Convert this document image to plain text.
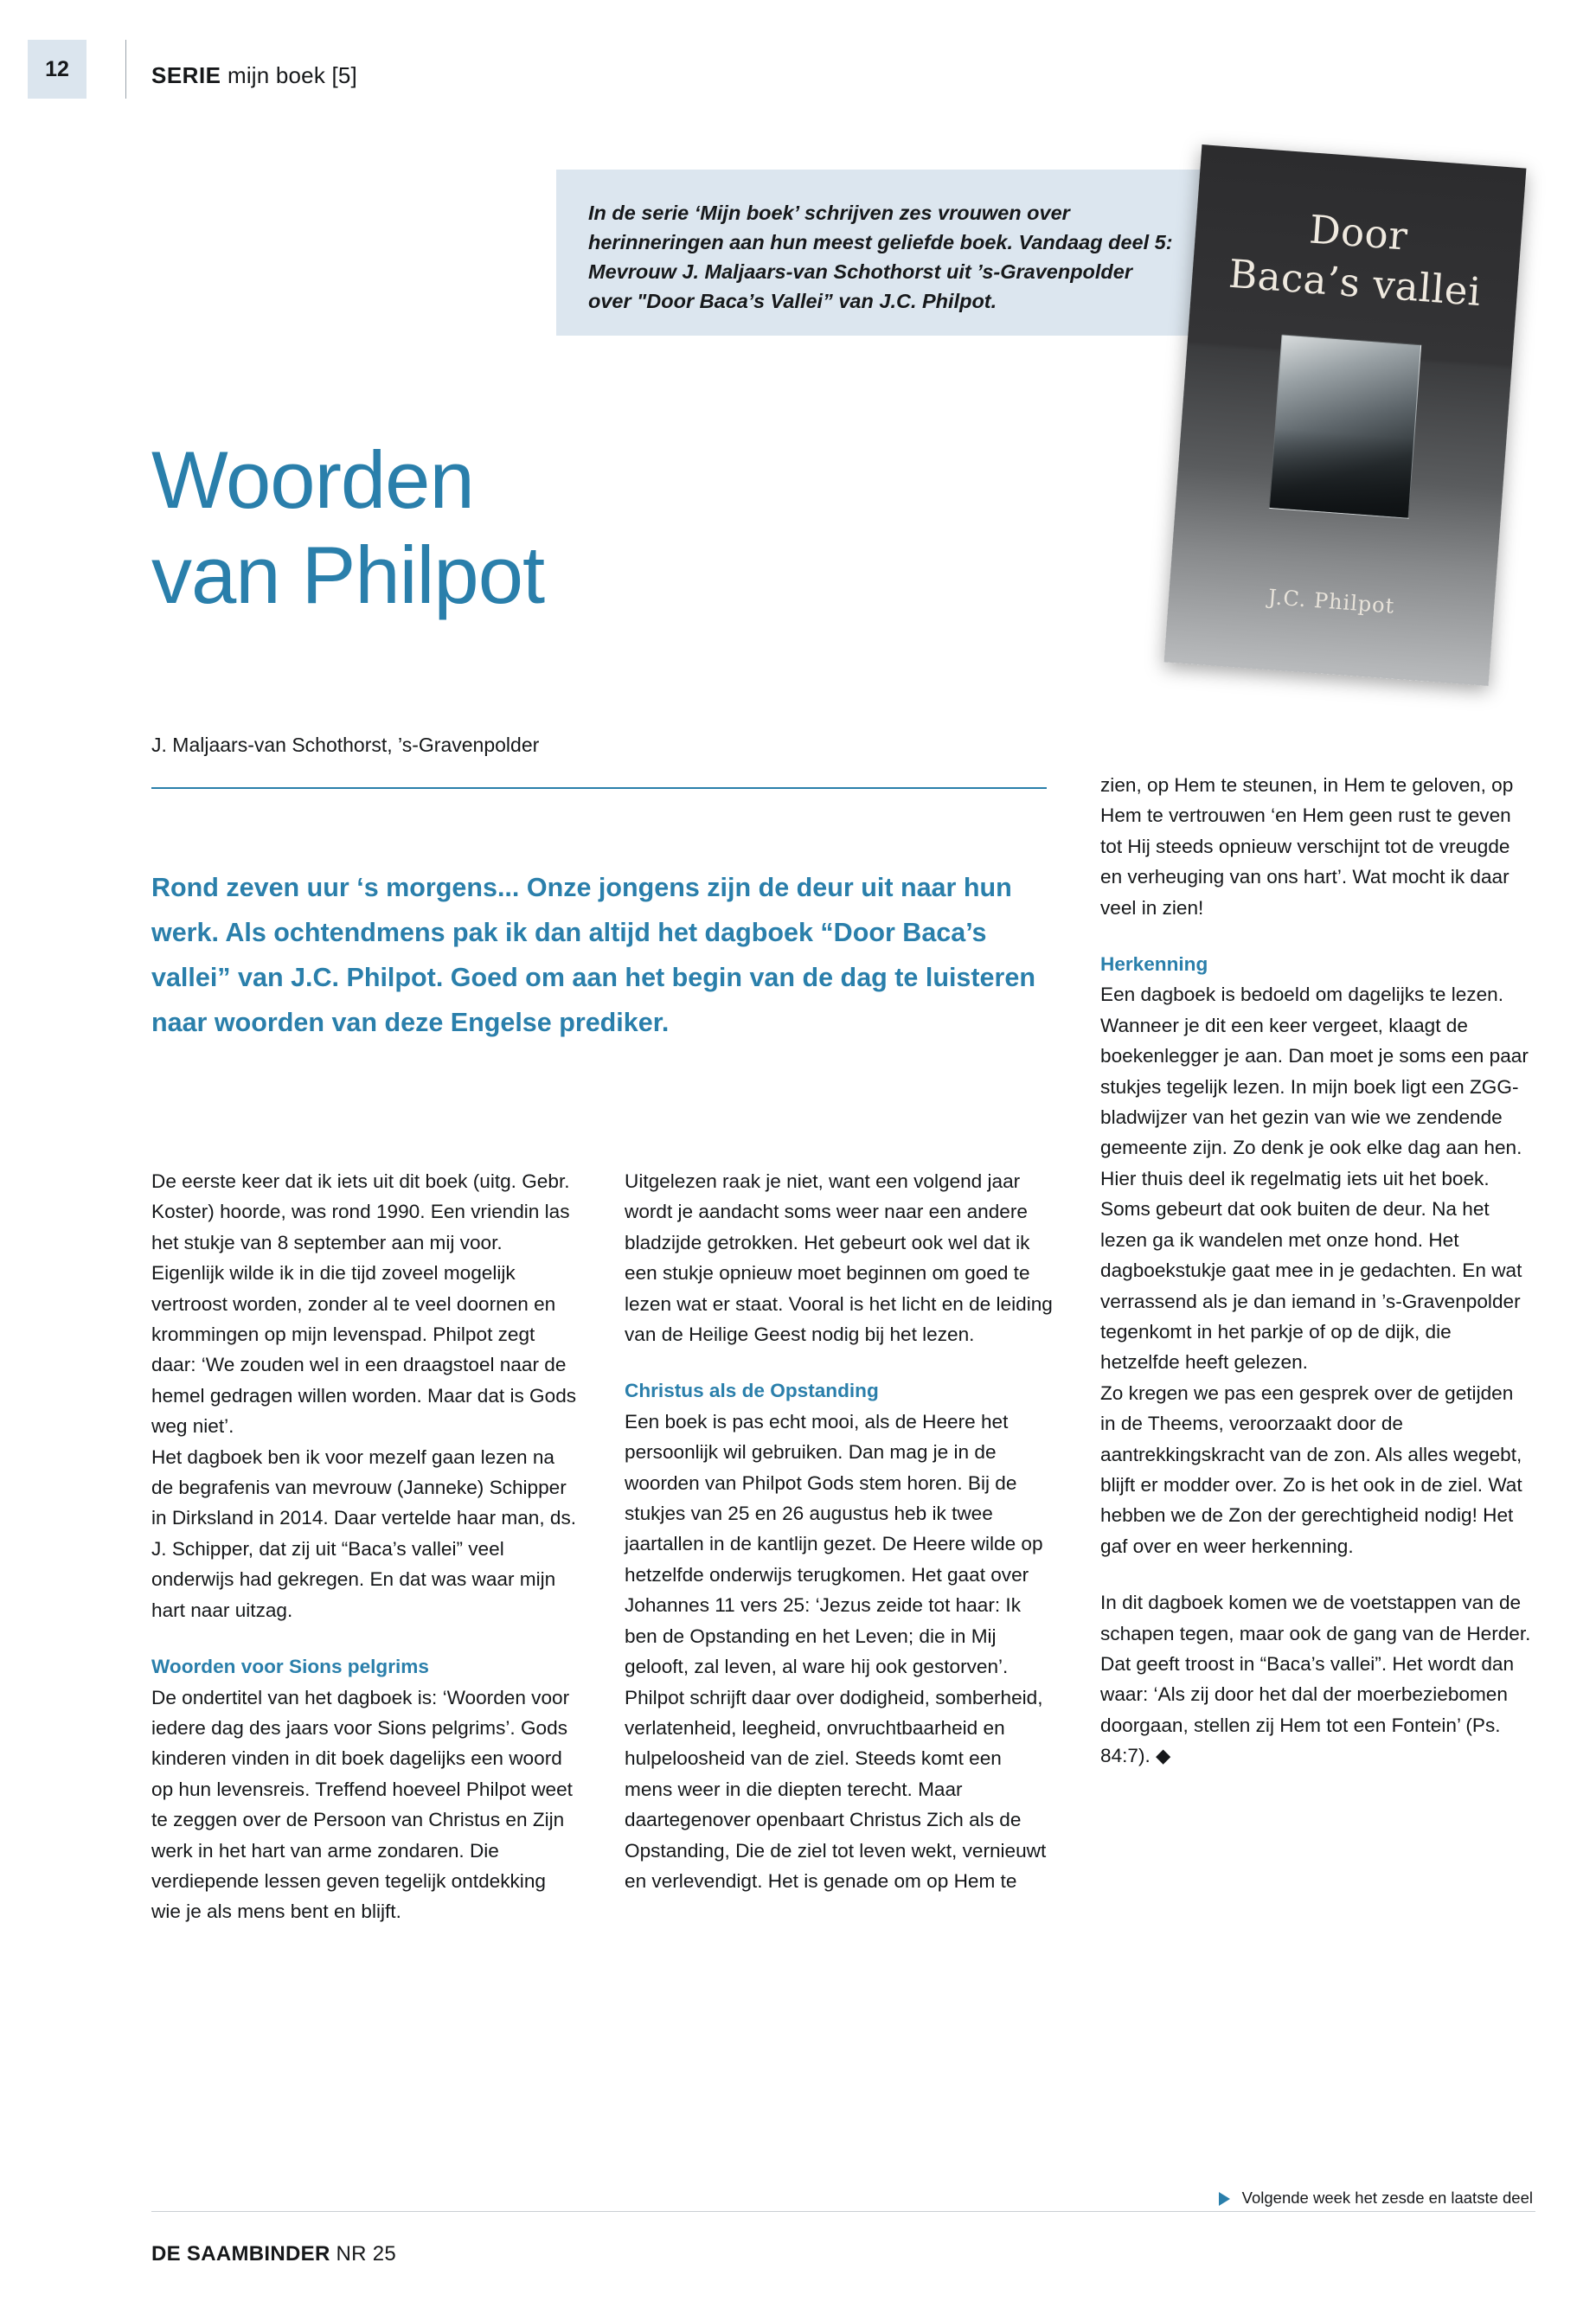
12	SERIE mijn boek [5]

In de serie ‘Mijn boek’ schrijven zes vrouwen over herinneringen aan hun meest geliefde boek. Vandaag deel 5: Mevrouw J. Maljaars-van Schothorst uit ’s-Gravenpolder over "Door Baca’s Vallei” van J.C. Philpot.

Door
Baca’s vallei
J.C. Philpot
Woorden
van Philpot
J. Maljaars-van Schothorst, ’s-Gravenpolder
Rond zeven uur ‘s morgens... Onze jongens zijn de deur uit naar hun werk. Als ochtendmens pak ik dan altijd het dagboek “Door Baca’s vallei” van J.C. Philpot. Goed om aan het begin van de dag te luisteren naar woorden van deze Engelse prediker.

De eerste keer dat ik iets uit dit boek (uitg. Gebr. Koster) hoorde, was rond 1990. Een vriendin las het stukje van 8 september aan mij voor. Eigenlijk wilde ik in die tijd zoveel mogelijk vertroost worden, zonder al te veel doornen en krommingen op mijn levenspad. Philpot zegt daar: ‘We zouden wel in een draagstoel naar de hemel gedragen willen worden. Maar dat is Gods weg niet’.

Het dagboek ben ik voor mezelf gaan lezen na de begrafenis van mevrouw (Janneke) Schipper in Dirksland in 2014. Daar vertelde haar man, ds. J. Schipper, dat zij uit “Baca’s vallei” veel onderwijs had gekregen. En dat was waar mijn hart naar uitzag.

Woorden voor Sions pelgrims

De ondertitel van het dagboek is: ‘Woorden voor iedere dag des jaars voor Sions pelgrims’. Gods kinderen vinden in dit boek dagelijks een woord op hun levensreis. Treffend hoeveel Philpot weet te zeggen over de Persoon van Christus en Zijn werk in het hart van arme zondaren. Die verdiepende lessen geven tegelijk ontdekking wie je als mens bent en blijft.

Uitgelezen raak je niet, want een volgend jaar wordt je aandacht soms weer naar een andere bladzijde getrokken. Het gebeurt ook wel dat ik een stukje opnieuw moet beginnen om goed te lezen wat er staat. Vooral is het licht en de leiding van de Heilige Geest nodig bij het lezen.

Christus als de Opstanding

Een boek is pas echt mooi, als de Heere het persoonlijk wil gebruiken. Dan mag je in de woorden van Philpot Gods stem horen. Bij de stukjes van 25 en 26 augustus heb ik twee jaartallen in de kantlijn gezet. De Heere wilde op hetzelfde onderwijs terugkomen. Het gaat over Johannes 11 vers 25: ‘Jezus zeide tot haar: Ik ben de Opstanding en het Leven; die in Mij gelooft, zal leven, al ware hij ook gestorven’.

Philpot schrijft daar over dodigheid, somberheid, verlatenheid, leegheid, onvruchtbaarheid en hulpeloosheid van de ziel. Steeds komt een mens weer in die diepten terecht. Maar daartegenover openbaart Christus Zich als de Opstanding, Die de ziel tot leven wekt, vernieuwt en verlevendigt. Het is genade om op Hem te

zien, op Hem te steunen, in Hem te geloven, op Hem te vertrouwen ‘en Hem geen rust te geven tot Hij steeds opnieuw verschijnt tot de vreugde en verheuging van ons hart’. Wat mocht ik daar veel in zien!

Herkenning

Een dagboek is bedoeld om dagelijks te lezen. Wanneer je dit een keer vergeet, klaagt de boekenlegger je aan. Dan moet je soms een paar stukjes tegelijk lezen. In mijn boek ligt een ZGG-bladwijzer van het gezin van wie we zendende gemeente zijn. Zo denk je ook elke dag aan hen.

Hier thuis deel ik regelmatig iets uit het boek. Soms gebeurt dat ook buiten de deur. Na het lezen ga ik wandelen met onze hond. Het dagboekstukje gaat mee in je gedachten. En wat verrassend als je dan iemand in ’s-Gravenpolder tegenkomt in het parkje of op de dijk, die hetzelfde heeft gelezen.

Zo kregen we pas een gesprek over de getijden in de Theems, veroorzaakt door de aantrekkingskracht van de zon. Als alles wegebt, blijft er modder over. Zo is het ook in de ziel. Wat hebben we de Zon der gerechtigheid nodig! Het gaf over en weer herkenning.

In dit dagboek komen we de voetstappen van de schapen tegen, maar ook de gang van de Herder. Dat geeft troost in “Baca’s vallei”. Het wordt dan waar: ‘Als zij door het dal der moerbeziebomen doorgaan, stellen zij Hem tot een Fontein’ (Ps. 84:7). ◆

Volgende week het zesde en laatste deel
DE SAAMBINDER NR 25
